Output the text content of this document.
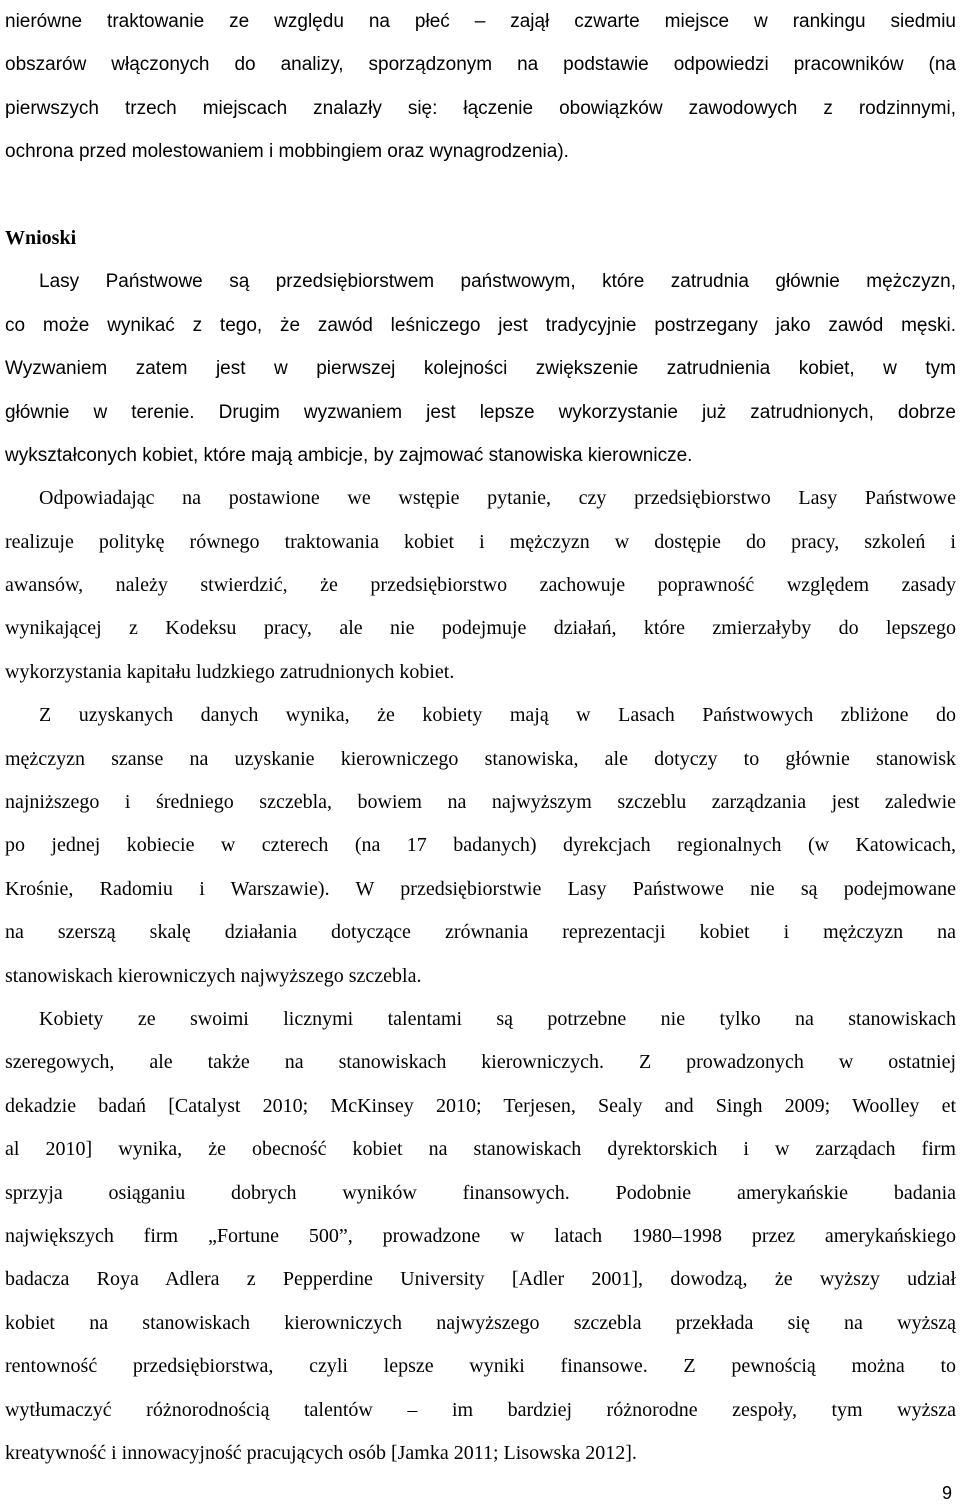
nierówne traktowanie ze względu na płeć – zajął czwarte miejsce w rankingu siedmiu
obszarów włączonych do analizy, sporządzonym na podstawie odpowiedzi pracowników (na
pierwszych trzech miejscach znalazły się: łączenie obowiązków zawodowych z rodzinnymi,
ochrona przed molestowaniem i mobbingiem oraz wynagrodzenia).
Wnioski
Lasy Państwowe są przedsiębiorstwem państwowym, które zatrudnia głównie mężczyzn,
co może wynikać z tego, że zawód leśniczego jest tradycyjnie postrzegany jako zawód męski.
Wyzwaniem zatem jest w pierwszej kolejności zwiększenie zatrudnienia kobiet, w tym
głównie w terenie. Drugim wyzwaniem jest lepsze wykorzystanie już zatrudnionych, dobrze
wykształconych kobiet, które mają ambicje, by zajmować stanowiska kierownicze.
Odpowiadając na postawione we wstępie pytanie, czy przedsiębiorstwo Lasy Państwowe
realizuje politykę równego traktowania kobiet i mężczyzn w dostępie do pracy, szkoleń i
awansów, należy stwierdzić, że przedsiębiorstwo zachowuje poprawność względem zasady
wynikającej z Kodeksu pracy, ale nie podejmuje działań, które zmierzałyby do lepszego
wykorzystania kapitału ludzkiego zatrudnionych kobiet.
Z uzyskanych danych wynika, że kobiety mają w Lasach Państwowych zbliżone do
mężczyzn szanse na uzyskanie kierowniczego stanowiska, ale dotyczy to głównie stanowisk
najniższego i średniego szczebla, bowiem na najwyższym szczeblu zarządzania jest zaledwie
po jednej kobiecie w czterech (na 17 badanych) dyrekcjach regionalnych (w Katowicach,
Krośnie, Radomiu i Warszawie). W przedsiębiorstwie Lasy Państwowe nie są podejmowane
na szerszą skalę działania dotyczące zrównania reprezentacji kobiet i mężczyzn na
stanowiskach kierowniczych najwyższego szczebla.
Kobiety ze swoimi licznymi talentami są potrzebne nie tylko na stanowiskach
szeregowych, ale także na stanowiskach kierowniczych. Z prowadzonych w ostatniej
dekadzie badań [Catalyst 2010; McKinsey 2010; Terjesen, Sealy and Singh 2009; Woolley et
al 2010] wynika, że obecność kobiet na stanowiskach dyrektorskich i w zarządach firm
sprzyja osiąganiu dobrych wyników finansowych. Podobnie amerykańskie badania
największych firm „Fortune 500”, prowadzone w latach 1980–1998 przez amerykańskiego
badacza Roya Adlera z Pepperdine University [Adler 2001], dowodzą, że wyższy udział
kobiet na stanowiskach kierowniczych najwyższego szczebla przekłada się na wyższą
rentowność przedsiębiorstwa, czyli lepsze wyniki finansowe. Z pewnością można to
wytłumaczyć różnorodnością talentów – im bardziej różnorodne zespoły, tym wyższa
kreatywność i innowacyjność pracujących osób [Jamka 2011; Lisowska 2012].
9
